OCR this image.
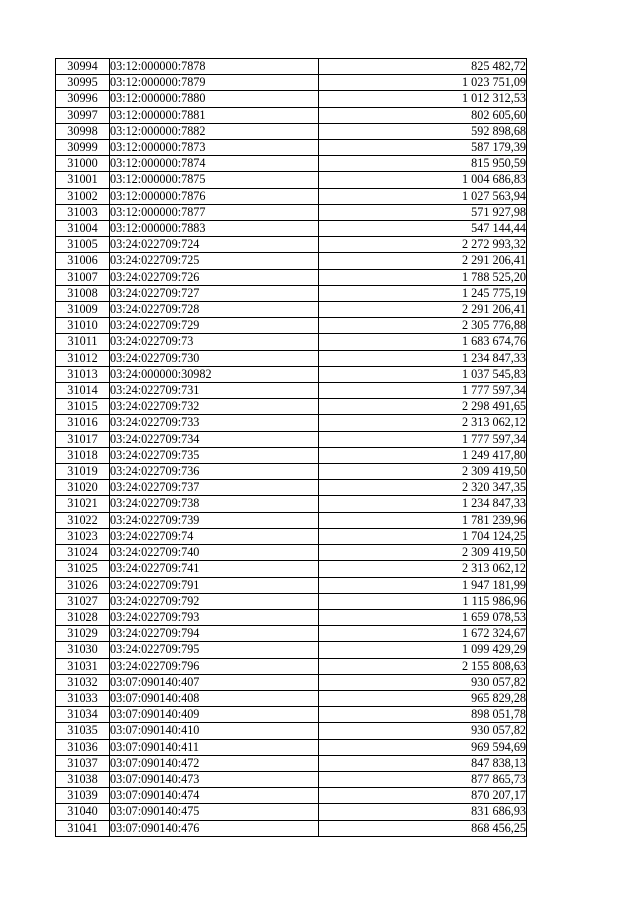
30994	03:12:000000:7878	825 482,72
30995	03:12:000000:7879	1 023 751,09
30996	03:12:000000:7880	1 012 312,53
30997	03:12:000000:7881	802 605,60
30998	03:12:000000:7882	592 898,68
30999	03:12:000000:7873	587 179,39
31000	03:12:000000:7874	815 950,59
31001	03:12:000000:7875	1 004 686,83
31002	03:12:000000:7876	1 027 563,94
31003	03:12:000000:7877	571 927,98
31004	03:12:000000:7883	547 144,44
31005	03:24:022709:724	2 272 993,32
31006	03:24:022709:725	2 291 206,41
31007	03:24:022709:726	1 788 525,20
31008	03:24:022709:727	1 245 775,19
31009	03:24:022709:728	2 291 206,41
31010	03:24:022709:729	2 305 776,88
31011	03:24:022709:73	1 683 674,76
31012	03:24:022709:730	1 234 847,33
31013	03:24:000000:30982	1 037 545,83
31014	03:24:022709:731	1 777 597,34
31015	03:24:022709:732	2 298 491,65
31016	03:24:022709:733	2 313 062,12
31017	03:24:022709:734	1 777 597,34
31018	03:24:022709:735	1 249 417,80
31019	03:24:022709:736	2 309 419,50
31020	03:24:022709:737	2 320 347,35
31021	03:24:022709:738	1 234 847,33
31022	03:24:022709:739	1 781 239,96
31023	03:24:022709:74	1 704 124,25
31024	03:24:022709:740	2 309 419,50
31025	03:24:022709:741	2 313 062,12
31026	03:24:022709:791	1 947 181,99
31027	03:24:022709:792	1 115 986,96
31028	03:24:022709:793	1 659 078,53
31029	03:24:022709:794	1 672 324,67
31030	03:24:022709:795	1 099 429,29
31031	03:24:022709:796	2 155 808,63
31032	03:07:090140:407	930 057,82
31033	03:07:090140:408	965 829,28
31034	03:07:090140:409	898 051,78
31035	03:07:090140:410	930 057,82
31036	03:07:090140:411	969 594,69
31037	03:07:090140:472	847 838,13
31038	03:07:090140:473	877 865,73
31039	03:07:090140:474	870 207,17
31040	03:07:090140:475	831 686,93
31041	03:07:090140:476	868 456,25
